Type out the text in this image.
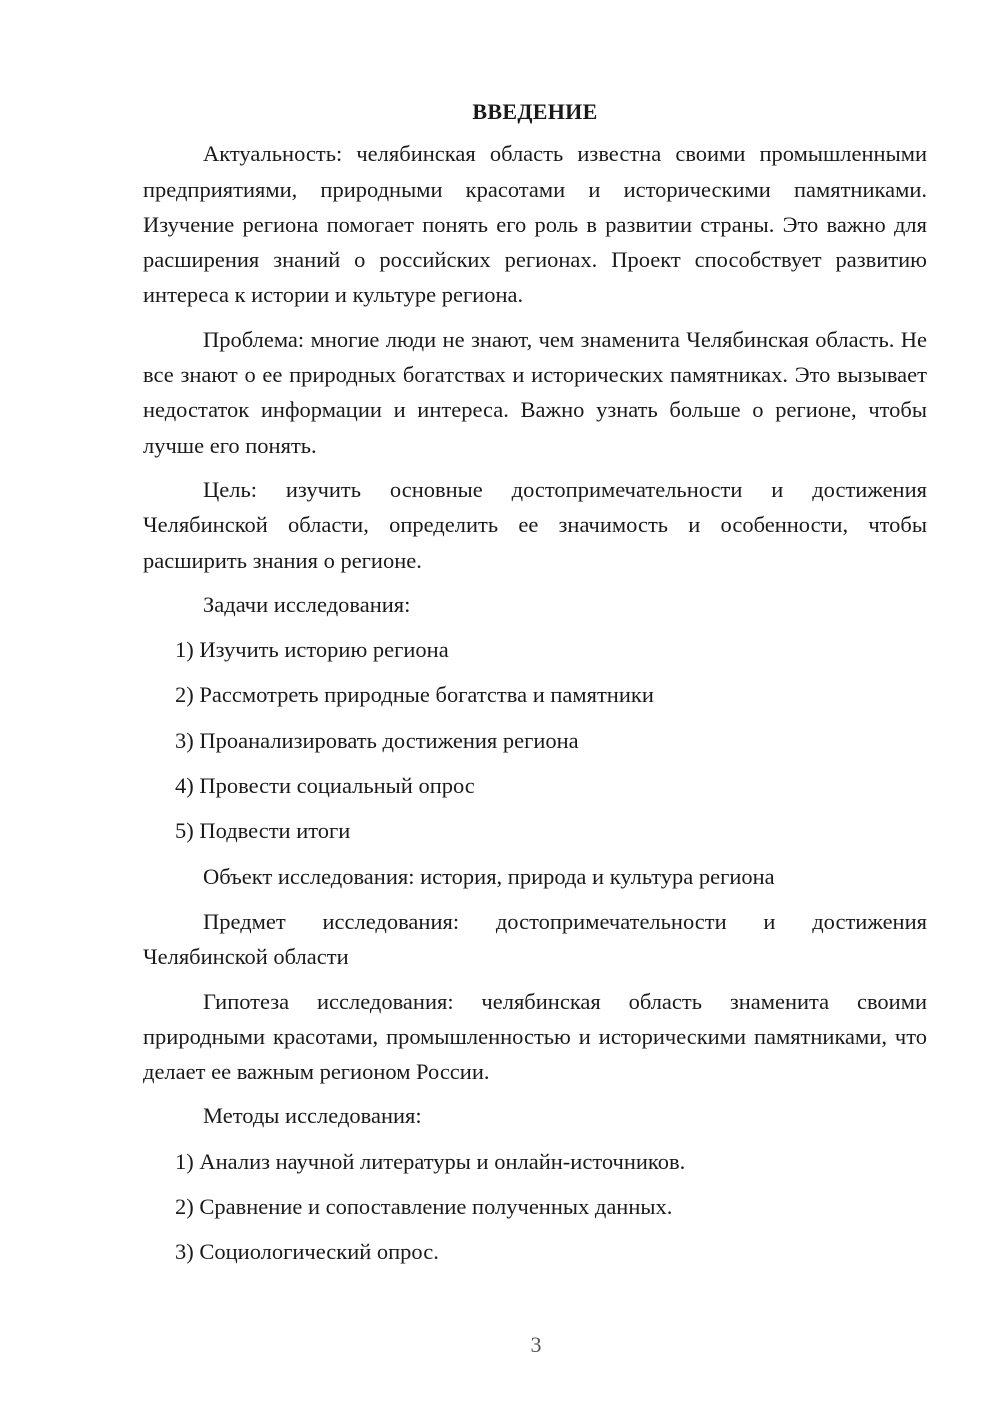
ВВЕДЕНИЕ

Актуальность: челябинская область известна своими промышленными предприятиями, природными красотами и историческими памятниками. Изучение региона помогает понять его роль в развитии страны. Это важно для расширения знаний о российских регионах. Проект способствует развитию интереса к истории и культуре региона.

Проблема: многие люди не знают, чем знаменита Челябинская область. Не все знают о ее природных богатствах и исторических памятниках. Это вызывает недостаток информации и интереса. Важно узнать больше о регионе, чтобы лучше его понять.

Цель: изучить основные достопримечательности и достижения Челябинской области, определить ее значимость и особенности, чтобы расширить знания о регионе.

Задачи исследования:

1) Изучить историю региона
2) Рассмотреть природные богатства и памятники
3) Проанализировать достижения региона
4) Провести социальный опрос
5) Подвести итоги

Объект исследования: история, природа и культура региона

Предмет исследования: достопримечательности и достижения Челябинской области

Гипотеза исследования: челябинская область знаменита своими природными красотами, промышленностью и историческими памятниками, что делает ее важным регионом России.

Методы исследования:

1) Анализ научной литературы и онлайн-источников.
2) Сравнение и сопоставление полученных данных.
3) Социологический опрос.
3
